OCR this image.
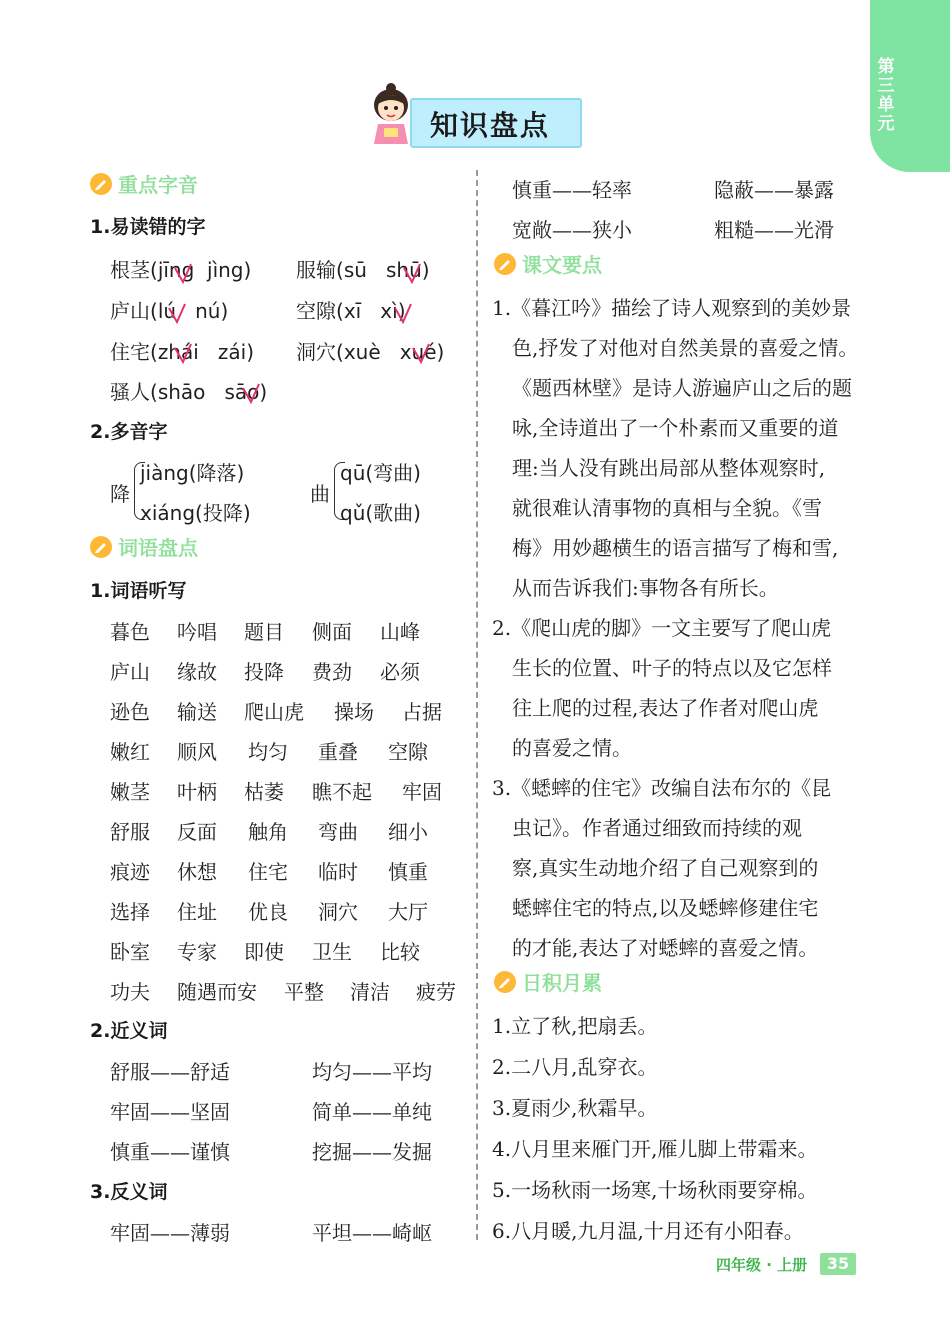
第三单元
知识盘点
重点字音
1.易读错的字
根茎(jīng jìng) 服输(sū shū)
庐山(lú nú)	空隙(xī xì)
住宅(zhái zái) 洞穴(xuè xué)
骚人(shāo sāo)
2.多音字
降
jiàng(降落)
xiáng(投降)
曲
qū(弯曲)
qǔ(歌曲)
词语盘点
1.词语听写
暮色 吟唱 题目 侧面 山峰
庐山 缘故 投降 费劲 必须
逊色 输送 爬山虎 操场 占据
嫩红 顺风 均匀 重叠 空隙
嫩茎 叶柄 枯萎 瞧不起 牢固
舒服 反面 触角 弯曲 细小
痕迹 休想 住宅 临时 慎重
选择 住址 优良 洞穴 大厅
卧室 专家 即使 卫生 比较
功夫 随遇而安 平整 清洁 疲劳
2.近义词
舒服——舒适	均匀——平均
牢固——坚固	简单——单纯
慎重——谨慎	挖掘——发掘
3.反义词
牢固——薄弱	平坦——崎岖
慎重——轻率	隐蔽——暴露
宽敞——狭小	粗糙——光滑
课文要点
1.《暮江吟》描绘了诗人观察到的美妙景
色,抒发了对他对自然美景的喜爱之情。
《题西林壁》是诗人游遍庐山之后的题
咏,全诗道出了一个朴素而又重要的道
理:当人没有跳出局部从整体观察时,
就很难认清事物的真相与全貌。《雪
梅》用妙趣横生的语言描写了梅和雪,
从而告诉我们:事物各有所长。
2.《爬山虎的脚》一文主要写了爬山虎
生长的位置、叶子的特点以及它怎样
往上爬的过程,表达了作者对爬山虎
的喜爱之情。
3.《蟋蟀的住宅》改编自法布尔的《昆
虫记》。作者通过细致而持续的观
察,真实生动地介绍了自己观察到的
蟋蟀住宅的特点,以及蟋蟀修建住宅
的才能,表达了对蟋蟀的喜爱之情。
日积月累
1.立了秋,把扇丢。
2.二八月,乱穿衣。
3.夏雨少,秋霜早。
4.八月里来雁门开,雁儿脚上带霜来。
5.一场秋雨一场寒,十场秋雨要穿棉。
6.八月暖,九月温,十月还有小阳春。
四年级 · 上册	35
